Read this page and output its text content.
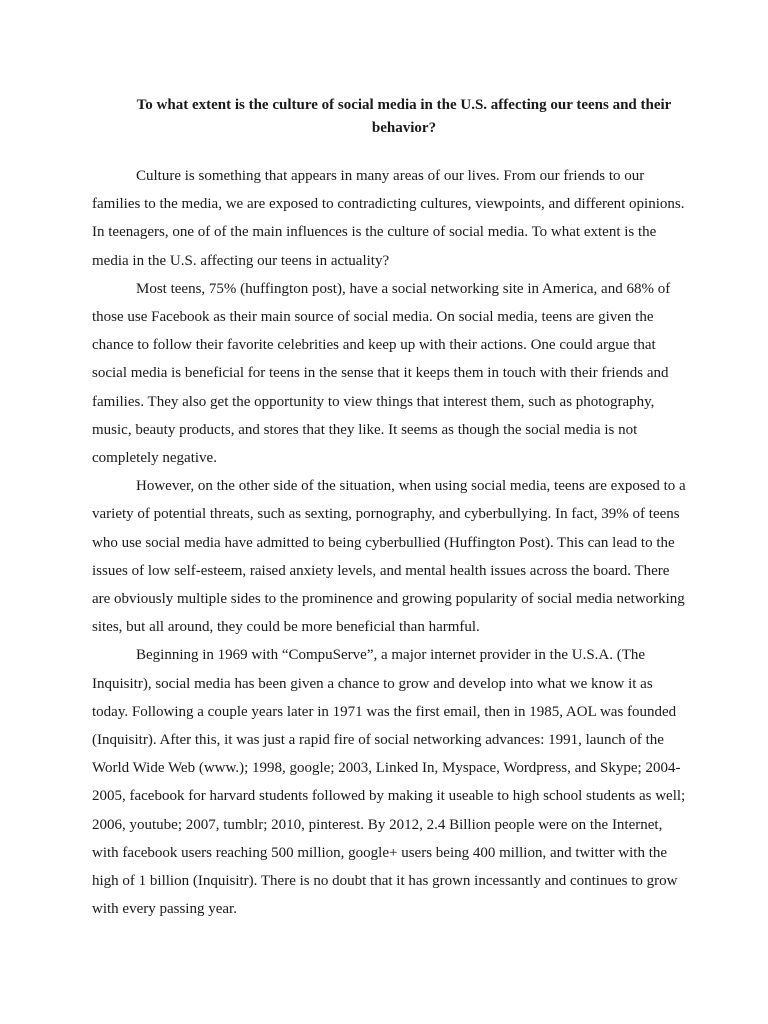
To what extent is the culture of social media in the U.S. affecting our teens and their behavior?

Culture is something that appears in many areas of our lives. From our friends to our families to the media, we are exposed to contradicting cultures, viewpoints, and different opinions. In teenagers, one of of the main influences is the culture of social media. To what extent is the media in the U.S. affecting our teens in actuality?

Most teens, 75% (huffington post), have a social networking site in America, and 68% of those use Facebook as their main source of social media. On social media, teens are given the chance to follow their favorite celebrities and keep up with their actions. One could argue that social media is beneficial for teens in the sense that it keeps them in touch with their friends and families. They also get the opportunity to view things that interest them, such as photography, music, beauty products, and stores that they like. It seems as though the social media is not completely negative.

However, on the other side of the situation, when using social media, teens are exposed to a variety of potential threats, such as sexting, pornography, and cyberbullying. In fact, 39% of teens who use social media have admitted to being cyberbullied (Huffington Post). This can lead to the issues of low self-esteem, raised anxiety levels, and mental health issues across the board. There are obviously multiple sides to the prominence and growing popularity of social media networking sites, but all around, they could be more beneficial than harmful.

Beginning in 1969 with “CompuServe”, a major internet provider in the U.S.A. (The Inquisitr), social media has been given a chance to grow and develop into what we know it as today. Following a couple years later in 1971 was the first email, then in 1985, AOL was founded (Inquisitr). After this, it was just a rapid fire of social networking advances: 1991, launch of the World Wide Web (www.); 1998, google; 2003, Linked In, Myspace, Wordpress, and Skype; 2004-2005, facebook for harvard students followed by making it useable to high school students as well; 2006, youtube; 2007, tumblr; 2010, pinterest. By 2012, 2.4 Billion people were on the Internet, with facebook users reaching 500 million, google+ users being 400 million, and twitter with the high of 1 billion (Inquisitr). There is no doubt that it has grown incessantly and continues to grow with every passing year.
